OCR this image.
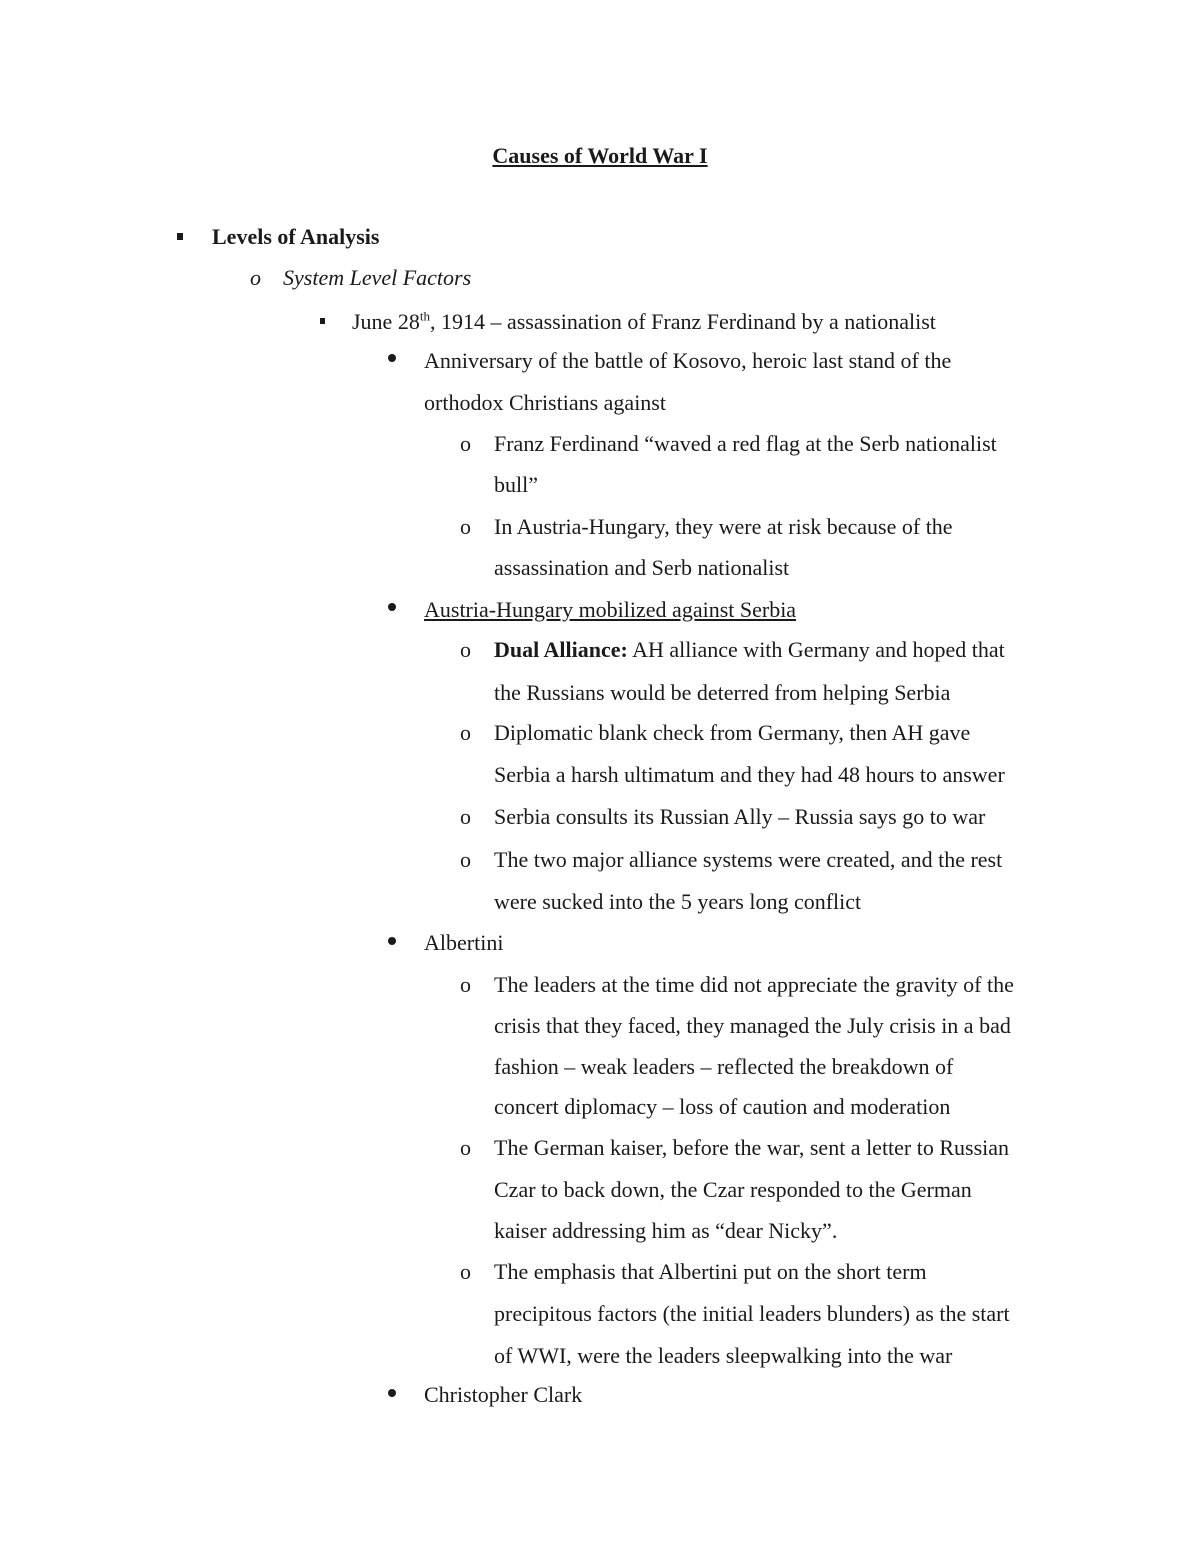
Causes of World War I
Levels of Analysis
o System Level Factors
June 28th, 1914 – assassination of Franz Ferdinand by a nationalist
Anniversary of the battle of Kosovo, heroic last stand of the
orthodox Christians against
o Franz Ferdinand “waved a red flag at the Serb nationalist
bull”
o In Austria-Hungary, they were at risk because of the
assassination and Serb nationalist
Austria-Hungary mobilized against Serbia
o Dual Alliance: AH alliance with Germany and hoped that
the Russians would be deterred from helping Serbia
o Diplomatic blank check from Germany, then AH gave
Serbia a harsh ultimatum and they had 48 hours to answer
o Serbia consults its Russian Ally – Russia says go to war
o The two major alliance systems were created, and the rest
were sucked into the 5 years long conflict
Albertini
o The leaders at the time did not appreciate the gravity of the
crisis that they faced, they managed the July crisis in a bad
fashion – weak leaders – reflected the breakdown of
concert diplomacy – loss of caution and moderation
o The German kaiser, before the war, sent a letter to Russian
Czar to back down, the Czar responded to the German
kaiser addressing him as “dear Nicky”.
o The emphasis that Albertini put on the short term
precipitous factors (the initial leaders blunders) as the start
of WWI, were the leaders sleepwalking into the war
Christopher Clark
